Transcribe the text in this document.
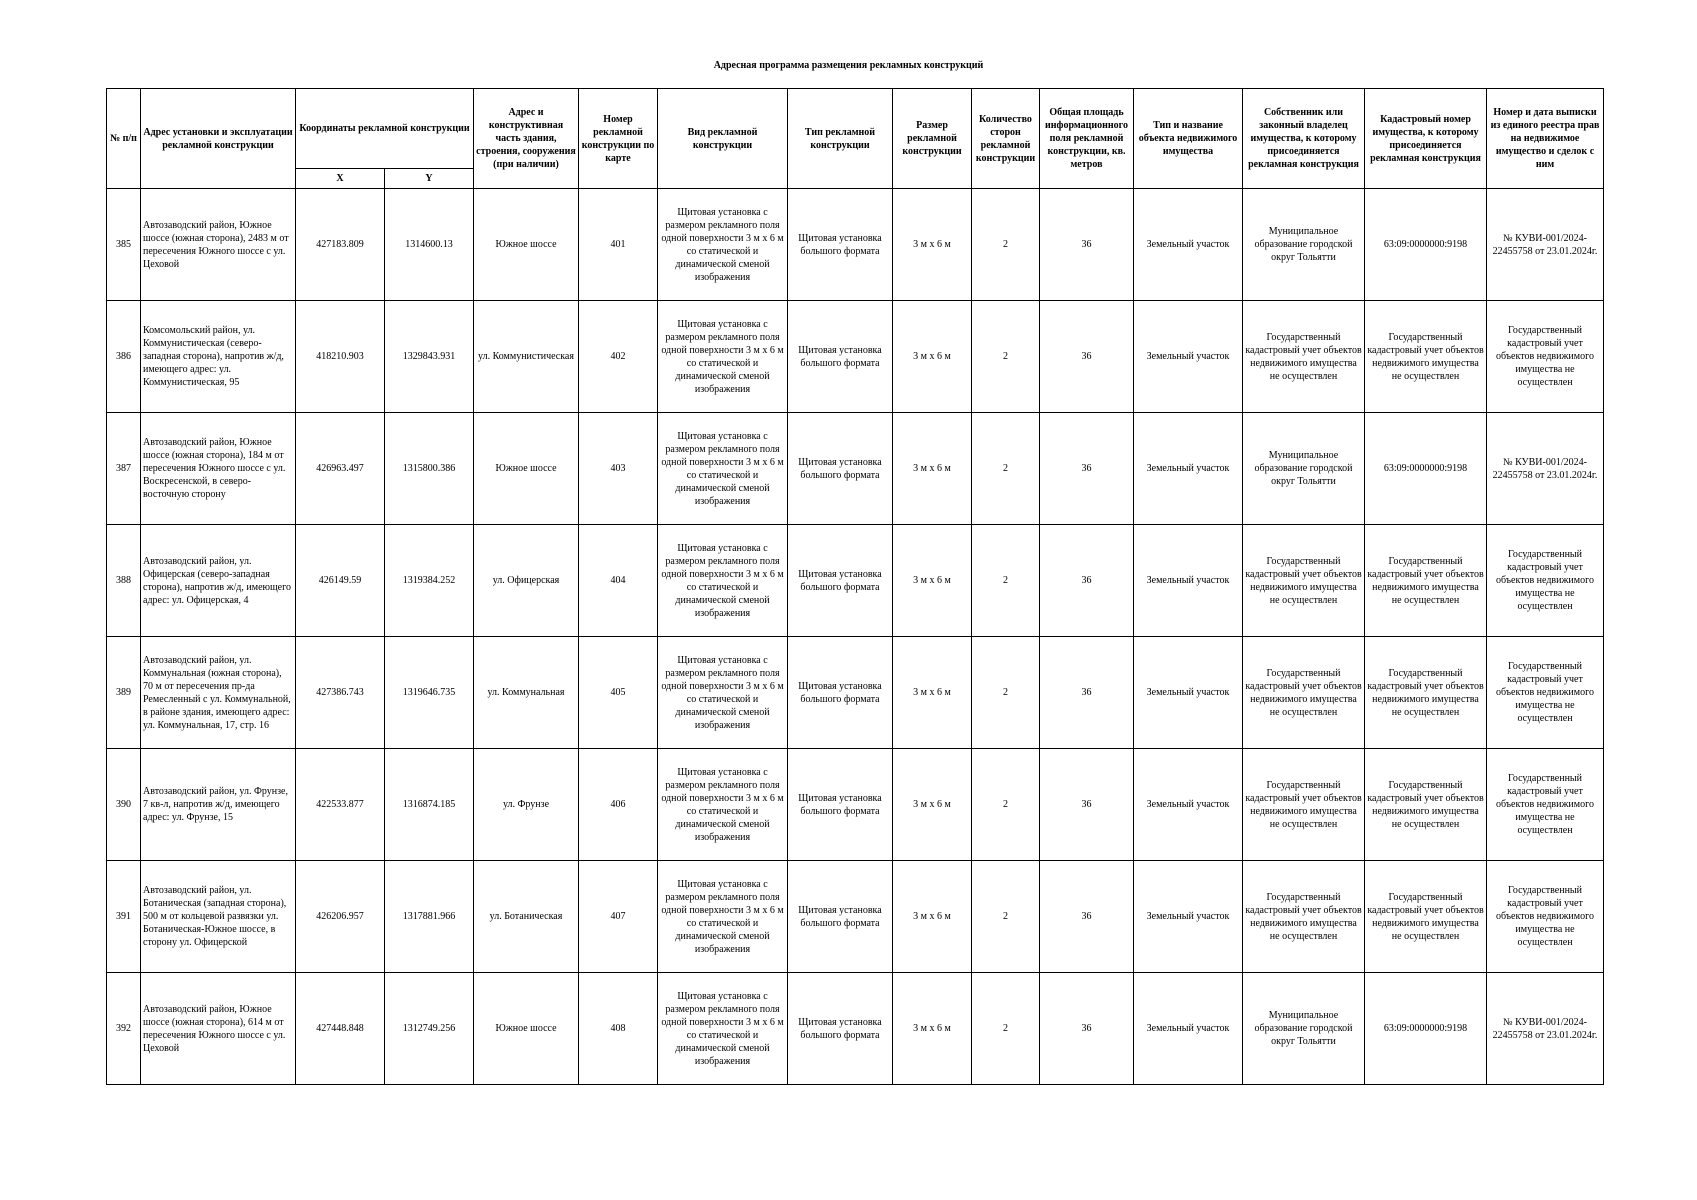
Адресная программа размещения рекламных конструкций
№ п/п	Адрес установки и эксплуатации рекламной конструкции	Координаты рекламной конструкции		Адрес и конструктивная часть здания, строения, сооружения (при наличии)	Номер рекламной конструкции по карте	Вид рекламной конструкции	Тип рекламной конструкции	Размер рекламной конструкции	Количество сторон рекламной конструкции	Общая площадь информационного поля рекламной конструкции, кв. метров	Тип и название объекта недвижимого имущества	Собственник или законный владелец имущества, к которому присоединяется рекламная конструкция	Кадастровый номер имущества, к которому присоединяется рекламная конструкция	Номер и дата выписки из единого реестра прав на недвижимое имущество и сделок с ним
		X	Y											
385	Автозаводский район, Южное шоссе (южная сторона), 2483 м от пересечения Южного шоссе с ул. Цеховой	427183.809	1314600.13	Южное шоссе	401	Щитовая установка с размером рекламного поля одной поверхности 3 м х 6 м со статической и динамической сменой изображения	Щитовая установка большого формата	3 м х 6 м	2	36	Земельный участок	Муниципальное образование городской округ Тольятти	63:09:0000000:9198	№ КУВИ-001/2024-22455758 от 23.01.2024г.
386	Комсомольский район, ул. Коммунистическая (северо-западная сторона), напротив ж/д, имеющего адрес: ул. Коммунистическая, 95	418210.903	1329843.931	ул. Коммунистическая	402	Щитовая установка с размером рекламного поля одной поверхности 3 м х 6 м со статической и динамической сменой изображения	Щитовая установка большого формата	3 м х 6 м	2	36	Земельный участок	Государственный кадастровый учет объектов недвижимого имущества не осуществлен	Государственный кадастровый учет объектов недвижимого имущества не осуществлен	Государственный кадастровый учет объектов недвижимого имущества не осуществлен
387	Автозаводский район, Южное шоссе (южная сторона), 184 м от пересечения Южного шоссе с ул. Воскресенской, в северо-восточную сторону	426963.497	1315800.386	Южное шоссе	403	Щитовая установка с размером рекламного поля одной поверхности 3 м х 6 м со статической и динамической сменой изображения	Щитовая установка большого формата	3 м х 6 м	2	36	Земельный участок	Муниципальное образование городской округ Тольятти	63:09:0000000:9198	№ КУВИ-001/2024-22455758 от 23.01.2024г.
388	Автозаводский район, ул. Офицерская (северо-западная сторона), напротив ж/д, имеющего адрес: ул. Офицерская, 4	426149.59	1319384.252	ул. Офицерская	404	Щитовая установка с размером рекламного поля одной поверхности 3 м х 6 м со статической и динамической сменой изображения	Щитовая установка большого формата	3 м х 6 м	2	36	Земельный участок	Государственный кадастровый учет объектов недвижимого имущества не осуществлен	Государственный кадастровый учет объектов недвижимого имущества не осуществлен	Государственный кадастровый учет объектов недвижимого имущества не осуществлен
389	Автозаводский район, ул. Коммунальная (южная сторона), 70 м от пересечения пр-да Ремесленный с ул. Коммунальной, в районе здания, имеющего адрес: ул. Коммунальная, 17, стр. 16	427386.743	1319646.735	ул. Коммунальная	405	Щитовая установка с размером рекламного поля одной поверхности 3 м х 6 м со статической и динамической сменой изображения	Щитовая установка большого формата	3 м х 6 м	2	36	Земельный участок	Государственный кадастровый учет объектов недвижимого имущества не осуществлен	Государственный кадастровый учет объектов недвижимого имущества не осуществлен	Государственный кадастровый учет объектов недвижимого имущества не осуществлен
390	Автозаводский район, ул. Фрунзе, 7 кв-л, напротив ж/д, имеющего адрес: ул. Фрунзе, 15	422533.877	1316874.185	ул. Фрунзе	406	Щитовая установка с размером рекламного поля одной поверхности 3 м х 6 м со статической и динамической сменой изображения	Щитовая установка большого формата	3 м х 6 м	2	36	Земельный участок	Государственный кадастровый учет объектов недвижимого имущества не осуществлен	Государственный кадастровый учет объектов недвижимого имущества не осуществлен	Государственный кадастровый учет объектов недвижимого имущества не осуществлен
391	Автозаводский район, ул. Ботаническая (западная сторона), 500 м от кольцевой развязки ул. Ботаническая-Южное шоссе, в сторону ул. Офицерской	426206.957	1317881.966	ул. Ботаническая	407	Щитовая установка с размером рекламного поля одной поверхности 3 м х 6 м со статической и динамической сменой изображения	Щитовая установка большого формата	3 м х 6 м	2	36	Земельный участок	Государственный кадастровый учет объектов недвижимого имущества не осуществлен	Государственный кадастровый учет объектов недвижимого имущества не осуществлен	Государственный кадастровый учет объектов недвижимого имущества не осуществлен
392	Автозаводский район, Южное шоссе (южная сторона), 614 м от пересечения Южного шоссе с ул. Цеховой	427448.848	1312749.256	Южное шоссе	408	Щитовая установка с размером рекламного поля одной поверхности 3 м х 6 м со статической и динамической сменой изображения	Щитовая установка большого формата	3 м х 6 м	2	36	Земельный участок	Муниципальное образование городской округ Тольятти	63:09:0000000:9198	№ КУВИ-001/2024-22455758 от 23.01.2024г.
